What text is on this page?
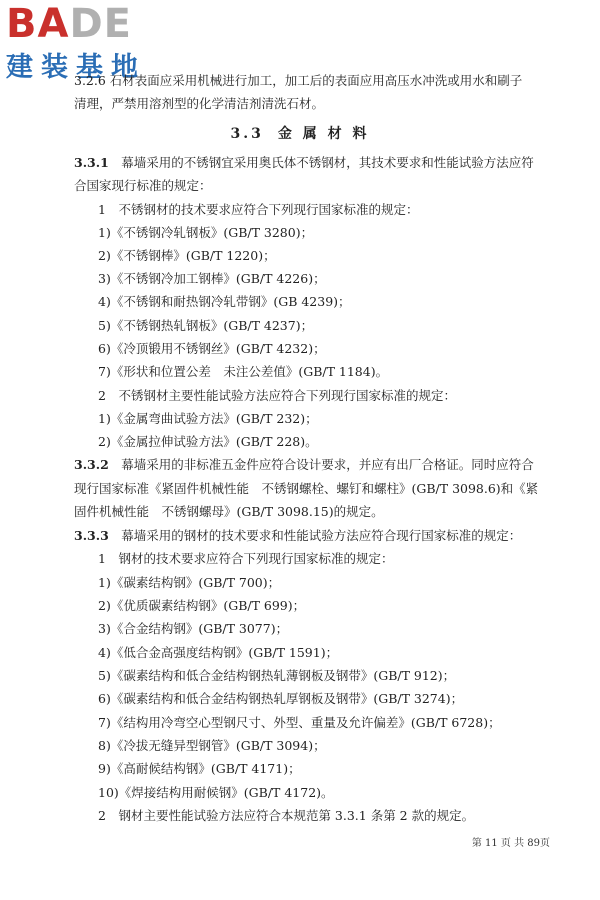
BADE
建装基地
3.2.6 石材表面应采用机械进行加工，加工后的表面应用高压水冲洗或用水和刷子
清理，严禁用溶剂型的化学清洁剂清洗石材。
3.3 金 属 材 料
3.3.1  幕墙采用的不锈钢宜采用奥氏体不锈钢材，其技术要求和性能试验方法应符
合国家现行标准的规定：
1　不锈钢材的技术要求应符合下列现行国家标准的规定：
1)《不锈钢冷轧钢板》(GB/T 3280)；
2)《不锈钢棒》(GB/T 1220)；
3)《不锈钢冷加工钢棒》(GB/T 4226)；
4)《不锈钢和耐热钢冷轧带钢》(GB 4239)；
5)《不锈钢热轧钢板》(GB/T 4237)；
6)《冷顶锻用不锈钢丝》(GB/T 4232)；
7)《形状和位置公差　未注公差值》(GB/T 1184)。
2　不锈钢材主要性能试验方法应符合下列现行国家标准的规定：
1)《金属弯曲试验方法》(GB/T 232)；
2)《金属拉伸试验方法》(GB/T 228)。
3.3.2  幕墙采用的非标准五金件应符合设计要求，并应有出厂合格证。同时应符合
现行国家标准《紧固件机械性能　不锈钢螺栓、螺钉和螺柱》(GB/T 3098.6)和《紧
固件机械性能　不锈钢螺母》(GB/T 3098.15)的规定。
3.3.3  幕墙采用的钢材的技术要求和性能试验方法应符合现行国家标准的规定：
1　钢材的技术要求应符合下列现行国家标准的规定：
1)《碳素结构钢》(GB/T 700)；
2)《优质碳素结构钢》(GB/T 699)；
3)《合金结构钢》(GB/T 3077)；
4)《低合金高强度结构钢》(GB/T 1591)；
5)《碳素结构和低合金结构钢热轧薄钢板及钢带》(GB/T 912)；
6)《碳素结构和低合金结构钢热轧厚钢板及钢带》(GB/T 3274)；
7)《结构用冷弯空心型钢尺寸、外型、重量及允许偏差》(GB/T 6728)；
8)《冷拔无缝异型钢管》(GB/T 3094)；
9)《高耐候结构钢》(GB/T 4171)；
10)《焊接结构用耐候钢》(GB/T 4172)。
2　钢材主要性能试验方法应符合本规范第 3.3.1 条第 2 款的规定。
第 11 页 共 89页
